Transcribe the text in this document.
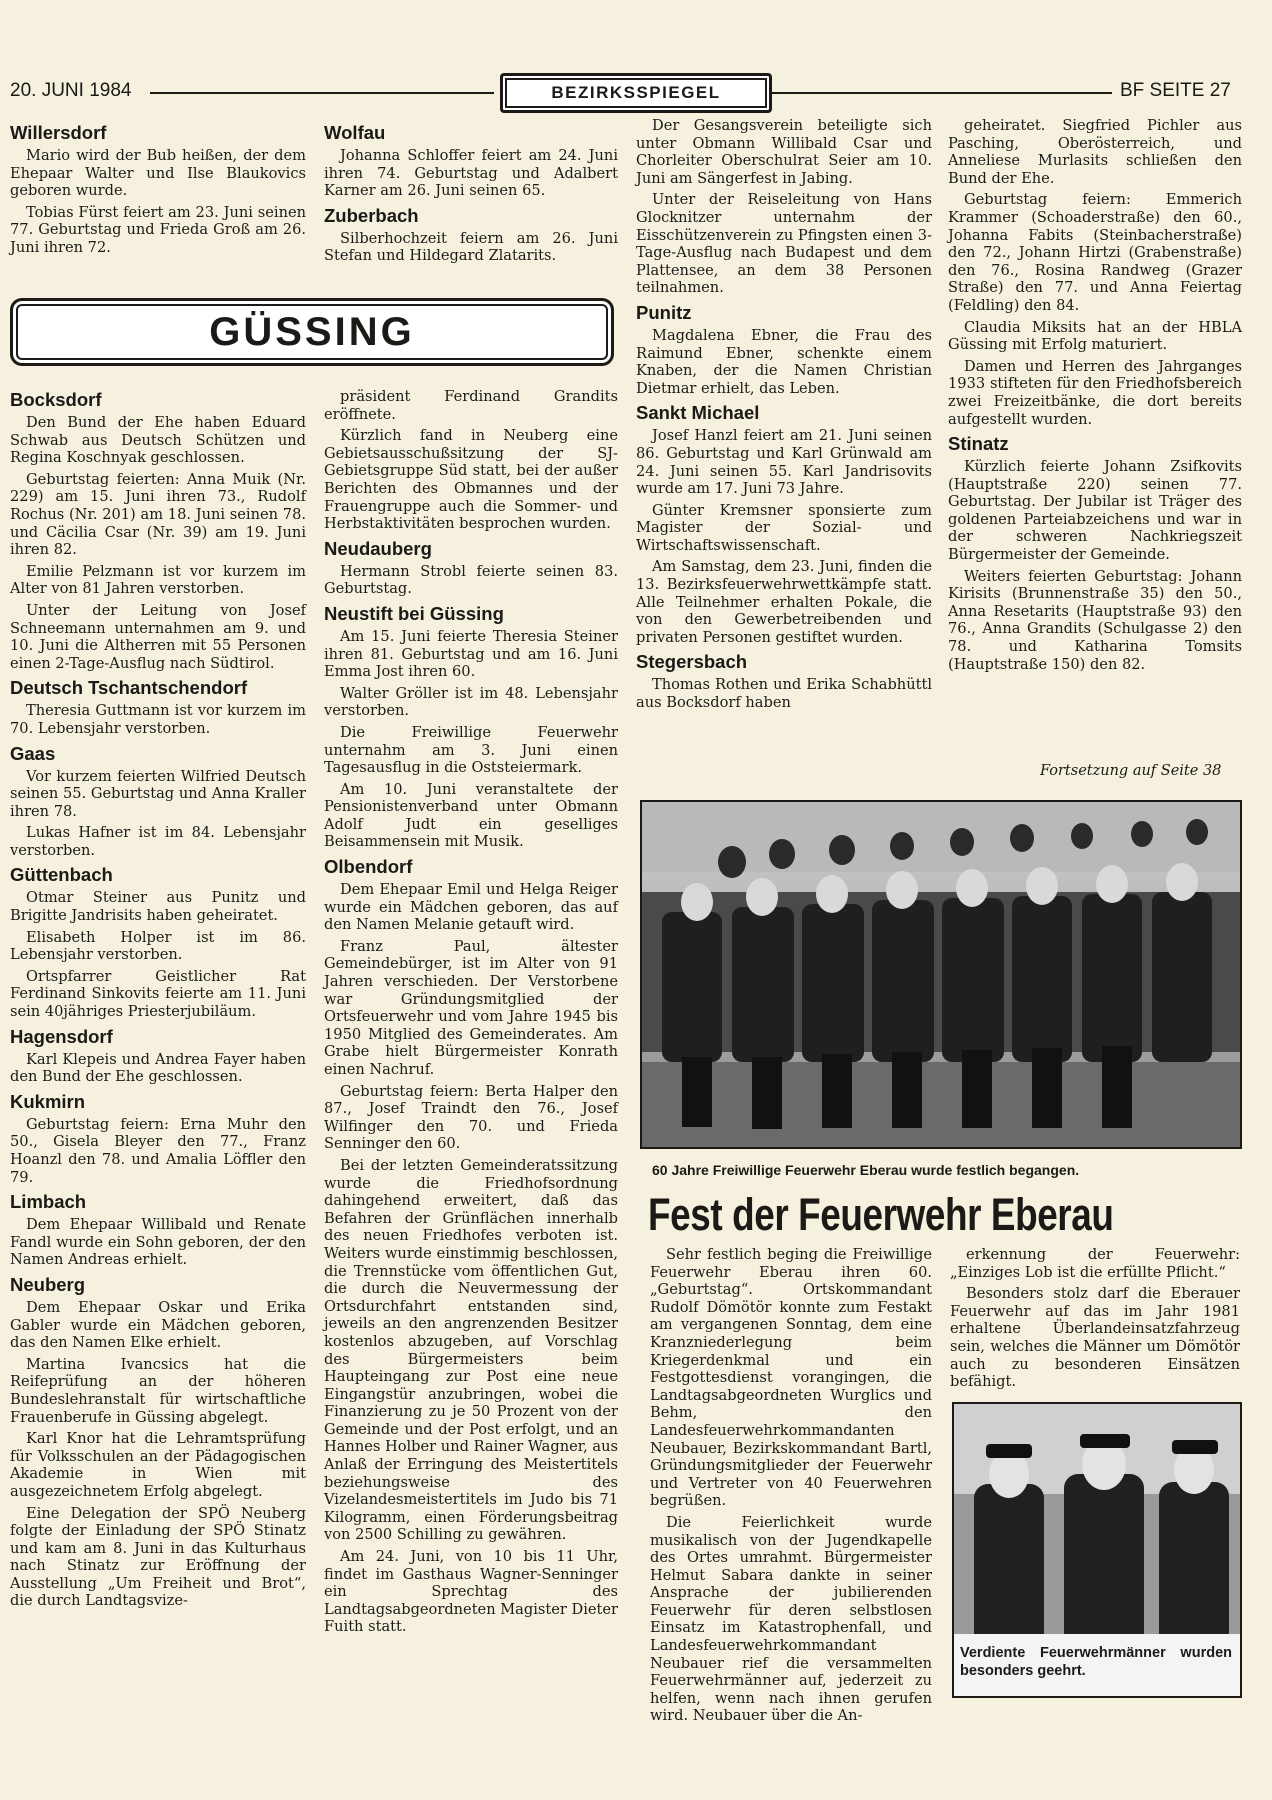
20. JUNI 1984	BEZIRKSSPIEGEL	BF SEITE 27
Willersdorf

Mario wird der Bub heißen, der dem Ehepaar Walter und Ilse Blaukovics geboren wurde.

Tobias Fürst feiert am 23. Juni seinen 77. Geburtstag und Frieda Groß am 26. Juni ihren 72.

Wolfau

Johanna Schloffer feiert am 24. Juni ihren 74. Geburtstag und Adalbert Karner am 26. Juni seinen 65.

Zuberbach

Silberhochzeit feiern am 26. Juni Stefan und Hildegard Zlatarits.

GÜSSING
Bocksdorf

Den Bund der Ehe haben Eduard Schwab aus Deutsch Schützen und Regina Koschnyak geschlossen.

Geburtstag feierten: Anna Muik (Nr. 229) am 15. Juni ihren 73., Rudolf Rochus (Nr. 201) am 18. Juni seinen 78. und Cäcilia Csar (Nr. 39) am 19. Juni ihren 82.

Emilie Pelzmann ist vor kurzem im Alter von 81 Jahren verstorben.

Unter der Leitung von Josef Schneemann unternahmen am 9. und 10. Juni die Altherren mit 55 Personen einen 2-Tage-Ausflug nach Südtirol.

Deutsch Tschantschendorf

Theresia Guttmann ist vor kurzem im 70. Lebensjahr verstorben.

Gaas

Vor kurzem feierten Wilfried Deutsch seinen 55. Geburtstag und Anna Kraller ihren 78.

Lukas Hafner ist im 84. Lebensjahr verstorben.

Güttenbach

Otmar Steiner aus Punitz und Brigitte Jandrisits haben geheiratet.

Elisabeth Holper ist im 86. Lebensjahr verstorben.

Ortspfarrer Geistlicher Rat Ferdinand Sinkovits feierte am 11. Juni sein 40jähriges Priesterjubiläum.

Hagensdorf

Karl Klepeis und Andrea Fayer haben den Bund der Ehe geschlossen.

Kukmirn

Geburtstag feiern: Erna Muhr den 50., Gisela Bleyer den 77., Franz Hoanzl den 78. und Amalia Löffler den 79.

Limbach

Dem Ehepaar Willibald und Renate Fandl wurde ein Sohn geboren, der den Namen Andreas erhielt.

Neuberg

Dem Ehepaar Oskar und Erika Gabler wurde ein Mädchen geboren, das den Namen Elke erhielt.

Martina Ivancsics hat die Reifeprüfung an der höheren Bundeslehranstalt für wirtschaftliche Frauenberufe in Güssing abgelegt.

Karl Knor hat die Lehramtsprüfung für Volksschulen an der Pädagogischen Akademie in Wien mit ausgezeichnetem Erfolg abgelegt.

Eine Delegation der SPÖ Neuberg folgte der Einladung der SPÖ Stinatz und kam am 8. Juni in das Kulturhaus nach Stinatz zur Eröffnung der Ausstellung „Um Freiheit und Brot“, die durch Landtagsvize-

präsident Ferdinand Grandits eröffnete.

Kürzlich fand in Neuberg eine Gebietsausschußsitzung der SJ-Gebietsgruppe Süd statt, bei der außer Berichten des Obmannes und der Frauengruppe auch die Sommer- und Herbstaktivitäten besprochen wurden.

Neudauberg

Hermann Strobl feierte seinen 83. Geburtstag.

Neustift bei Güssing

Am 15. Juni feierte Theresia Steiner ihren 81. Geburtstag und am 16. Juni Emma Jost ihren 60.

Walter Gröller ist im 48. Lebensjahr verstorben.

Die Freiwillige Feuerwehr unternahm am 3. Juni einen Tagesausflug in die Oststeiermark.

Am 10. Juni veranstaltete der Pensionistenverband unter Obmann Adolf Judt ein geselliges Beisammensein mit Musik.

Olbendorf

Dem Ehepaar Emil und Helga Reiger wurde ein Mädchen geboren, das auf den Namen Melanie getauft wird.

Franz Paul, ältester Gemeindebürger, ist im Alter von 91 Jahren verschieden. Der Verstorbene war Gründungsmitglied der Ortsfeuerwehr und vom Jahre 1945 bis 1950 Mitglied des Gemeinderates. Am Grabe hielt Bürgermeister Konrath einen Nachruf.

Geburtstag feiern: Berta Halper den 87., Josef Traindt den 76., Josef Wilfinger den 70. und Frieda Senninger den 60.

Bei der letzten Gemeinderatssitzung wurde die Friedhofsordnung dahingehend erweitert, daß das Befahren der Grünflächen innerhalb des neuen Friedhofes verboten ist. Weiters wurde einstimmig beschlossen, die Trennstücke vom öffentlichen Gut, die durch die Neuvermessung der Ortsdurchfahrt entstanden sind, jeweils an den angrenzenden Besitzer kostenlos abzugeben, auf Vorschlag des Bürgermeisters beim Haupteingang zur Post eine neue Eingangstür anzubringen, wobei die Finanzierung zu je 50 Prozent von der Gemeinde und der Post erfolgt, und an Hannes Holber und Rainer Wagner, aus Anlaß der Erringung des Meistertitels beziehungsweise des Vizelandesmeistertitels im Judo bis 71 Kilogramm, einen Förderungsbeitrag von 2500 Schilling zu gewähren.

Am 24. Juni, von 10 bis 11 Uhr, findet im Gasthaus Wagner-Senninger ein Sprechtag des Landtagsabgeordneten Magister Dieter Fuith statt.

Der Gesangsverein beteiligte sich unter Obmann Willibald Csar und Chorleiter Oberschulrat Seier am 10. Juni am Sängerfest in Jabing.

Unter der Reiseleitung von Hans Glocknitzer unternahm der Eisschützenverein zu Pfingsten einen 3-Tage-Ausflug nach Budapest und dem Plattensee, an dem 38 Personen teilnahmen.

Punitz

Magdalena Ebner, die Frau des Raimund Ebner, schenkte einem Knaben, der die Namen Christian Dietmar erhielt, das Leben.

Sankt Michael

Josef Hanzl feiert am 21. Juni seinen 86. Geburtstag und Karl Grünwald am 24. Juni seinen 55. Karl Jandrisovits wurde am 17. Juni 73 Jahre.

Günter Kremsner sponsierte zum Magister der Sozial- und Wirtschaftswissenschaft.

Am Samstag, dem 23. Juni, finden die 13. Bezirksfeuerwehrwettkämpfe statt. Alle Teilnehmer erhalten Pokale, die von den Gewerbetreibenden und privaten Personen gestiftet wurden.

Stegersbach

Thomas Rothen und Erika Schabhüttl aus Bocksdorf haben

geheiratet. Siegfried Pichler aus Pasching, Oberösterreich, und Anneliese Murlasits schließen den Bund der Ehe.

Geburtstag feiern: Emmerich Krammer (Schoaderstraße) den 60., Johanna Fabits (Steinbacherstraße) den 72., Johann Hirtzi (Grabenstraße) den 76., Rosina Randweg (Grazer Straße) den 77. und Anna Feiertag (Feldling) den 84.

Claudia Miksits hat an der HBLA Güssing mit Erfolg maturiert.

Damen und Herren des Jahrganges 1933 stifteten für den Friedhofsbereich zwei Freizeitbänke, die dort bereits aufgestellt wurden.

Stinatz

Kürzlich feierte Johann Zsifkovits (Hauptstraße 220) seinen 77. Geburtstag. Der Jubilar ist Träger des goldenen Parteiabzeichens und war in der schweren Nachkriegszeit Bürgermeister der Gemeinde.

Weiters feierten Geburtstag: Johann Kirisits (Brunnenstraße 35) den 50., Anna Resetarits (Hauptstraße 93) den 76., Anna Grandits (Schulgasse 2) den 78. und Katharina Tomsits (Hauptstraße 150) den 82.

Fortsetzung auf Seite 38
60 Jahre Freiwillige Feuerwehr Eberau wurde festlich begangen.
Fest der Feuerwehr Eberau

Sehr festlich beging die Freiwillige Feuerwehr Eberau ihren 60. „Geburtstag“. Ortskommandant Rudolf Dömötör konnte zum Festakt am vergangenen Sonntag, dem eine Kranzniederlegung beim Kriegerdenkmal und ein Festgottesdienst vorangingen, die Landtagsabgeordneten Wurglics und Behm, den Landesfeuerwehrkommandanten Neubauer, Bezirkskommandant Bartl, Gründungsmitglieder der Feuerwehr und Vertreter von 40 Feuerwehren begrüßen.

Die Feierlichkeit wurde musikalisch von der Jugendkapelle des Ortes umrahmt. Bürgermeister Helmut Sabara dankte in seiner Ansprache der jubilierenden Feuerwehr für deren selbstlosen Einsatz im Katastrophenfall, und Landesfeuerwehrkommandant Neubauer rief die versammelten Feuerwehrmänner auf, jederzeit zu helfen, wenn nach ihnen gerufen wird. Neubauer über die An-

erkennung der Feuerwehr: „Einziges Lob ist die erfüllte Pflicht.“

Besonders stolz darf die Eberauer Feuerwehr auf das im Jahr 1981 erhaltene Überlandeinsatzfahrzeug sein, welches die Männer um Dömötör auch zu besonderen Einsätzen befähigt.

Verdiente Feuerwehrmänner wurden besonders geehrt.
